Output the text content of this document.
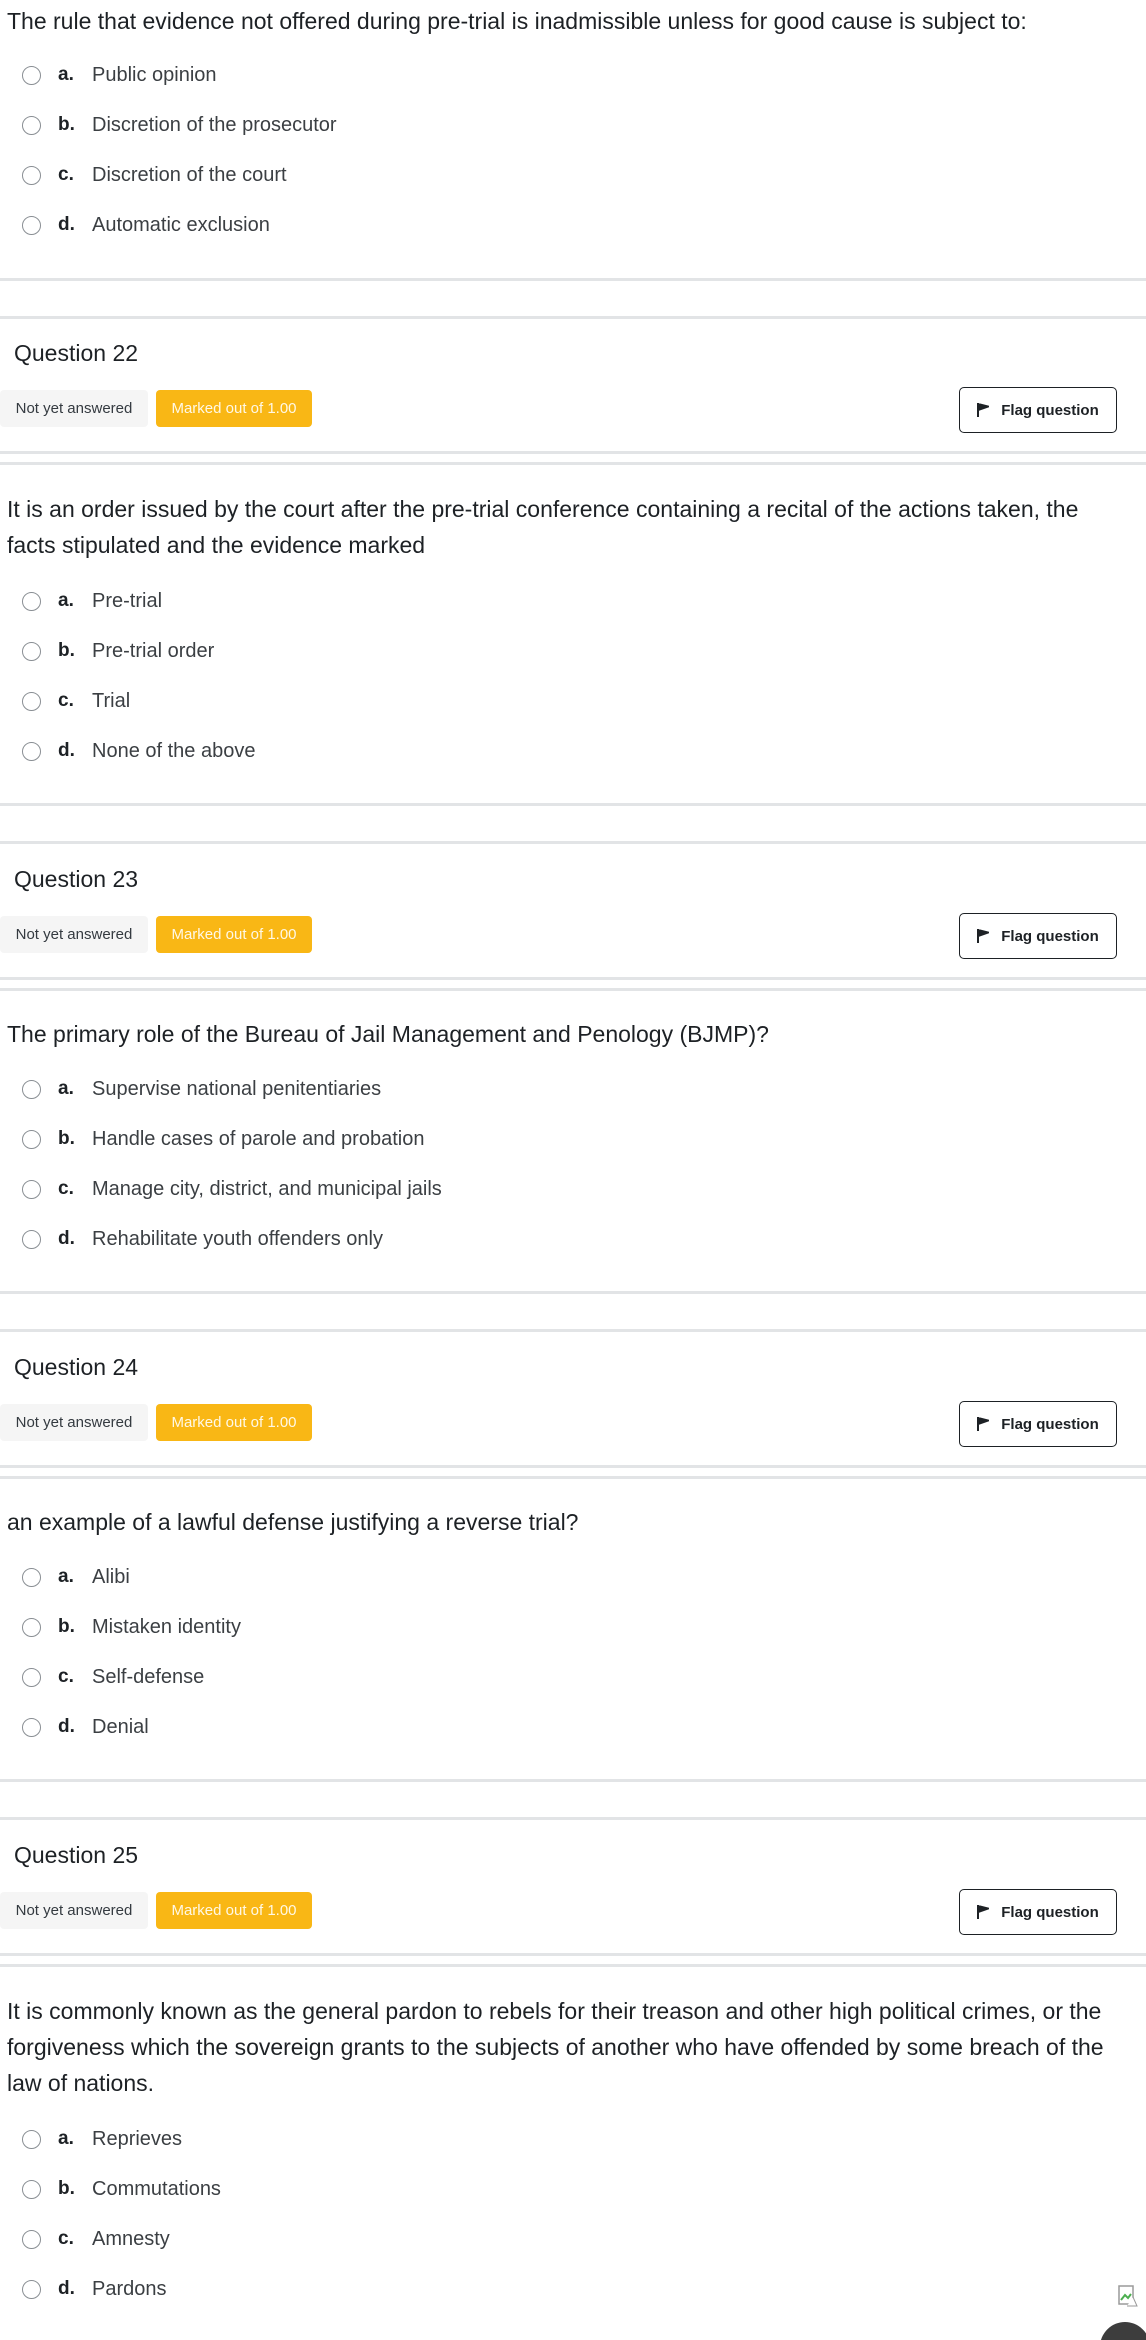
The rule that evidence not offered during pre-trial is inadmissible unless for good cause is subject to:
a. Public opinion
b. Discretion of the prosecutor
c. Discretion of the court
d. Automatic exclusion
Question 22
Not yet answered	Marked out of 1.00	Flag question
It is an order issued by the court after the pre-trial conference containing a recital of the actions taken, the facts stipulated and the evidence marked
a. Pre-trial
b. Pre-trial order
c. Trial
d. None of the above
Question 23
Not yet answered	Marked out of 1.00	Flag question
The primary role of the Bureau of Jail Management and Penology (BJMP)?
a. Supervise national penitentiaries
b. Handle cases of parole and probation
c. Manage city, district, and municipal jails
d. Rehabilitate youth offenders only
Question 24
Not yet answered	Marked out of 1.00	Flag question
an example of a lawful defense justifying a reverse trial?
a. Alibi
b. Mistaken identity
c. Self-defense
d. Denial
Question 25
Not yet answered	Marked out of 1.00	Flag question
It is commonly known as the general pardon to rebels for their treason and other high political crimes, or the forgiveness which the sovereign grants to the subjects of another who have offended by some breach of the law of nations.
a. Reprieves
b. Commutations
c. Amnesty
d. Pardons
